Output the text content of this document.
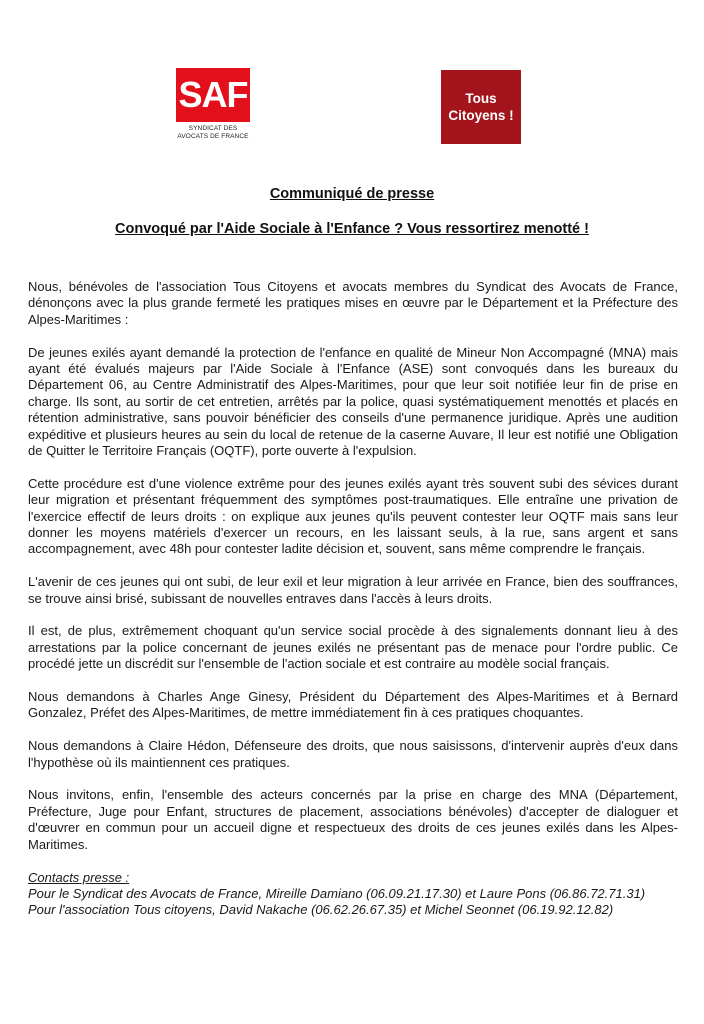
SAF
SYNDICAT DES
AVOCATS DE FRANCE
Tous
Citoyens !
Communiqué de presse
Convoqué par l'Aide Sociale à l'Enfance ? Vous ressortirez menotté !

Nous, bénévoles de l'association Tous Citoyens et avocats membres du Syndicat des Avocats de France, dénonçons avec la plus grande fermeté les pratiques mises en œuvre par le Département et la Préfecture des Alpes-Maritimes :

De jeunes exilés ayant demandé la protection de l'enfance en qualité de Mineur Non Accompagné (MNA) mais ayant été évalués majeurs par l'Aide Sociale à l'Enfance (ASE) sont convoqués dans les bureaux du Département 06, au Centre Administratif des Alpes-Maritimes, pour que leur soit notifiée leur fin de prise en charge. Ils sont, au sortir de cet entretien, arrêtés par la police, quasi systématiquement menottés et placés en rétention administrative, sans pouvoir bénéficier des conseils d'une permanence juridique. Après une audition expéditive et plusieurs heures au sein du local de retenue de la caserne Auvare, Il leur est notifié une Obligation de Quitter le Territoire Français (OQTF), porte ouverte à l'expulsion.

Cette procédure est d'une violence extrême pour des jeunes exilés ayant très souvent subi des sévices durant leur migration et présentant fréquemment des symptômes post-traumatiques. Elle entraîne une privation de l'exercice effectif de leurs droits : on explique aux jeunes qu'ils peuvent contester leur OQTF mais sans leur donner les moyens matériels d'exercer un recours, en les laissant seuls, à la rue, sans argent et sans accompagnement, avec 48h pour contester ladite décision et, souvent, sans même comprendre le français.

L'avenir de ces jeunes qui ont subi, de leur exil et leur migration à leur arrivée en France, bien des souffrances, se trouve ainsi brisé, subissant de nouvelles entraves dans l'accès à leurs droits.

Il est, de plus, extrêmement choquant qu'un service social procède à des signalements donnant lieu à des arrestations par la police concernant de jeunes exilés ne présentant pas de menace pour l'ordre public. Ce procédé jette un discrédit sur l'ensemble de l'action sociale et est contraire au modèle social français.

Nous demandons à Charles Ange Ginesy, Président du Département des Alpes-Maritimes et à Bernard Gonzalez, Préfet des Alpes-Maritimes, de mettre immédiatement fin à ces pratiques choquantes.

Nous demandons à Claire Hédon, Défenseure des droits, que nous saisissons, d'intervenir auprès d'eux dans l'hypothèse où ils maintiennent ces pratiques.

Nous invitons, enfin, l'ensemble des acteurs concernés par la prise en charge des MNA (Département, Préfecture, Juge pour Enfant, structures de placement, associations bénévoles) d'accepter de dialoguer et d'œuvrer en commun pour un accueil digne et respectueux des droits de ces jeunes exilés dans les Alpes-Maritimes.

Contacts presse :
Pour le Syndicat des Avocats de France, Mireille Damiano (06.09.21.17.30) et Laure Pons (06.86.72.71.31)
Pour l'association Tous citoyens, David Nakache (06.62.26.67.35) et Michel Seonnet (06.19.92.12.82)
